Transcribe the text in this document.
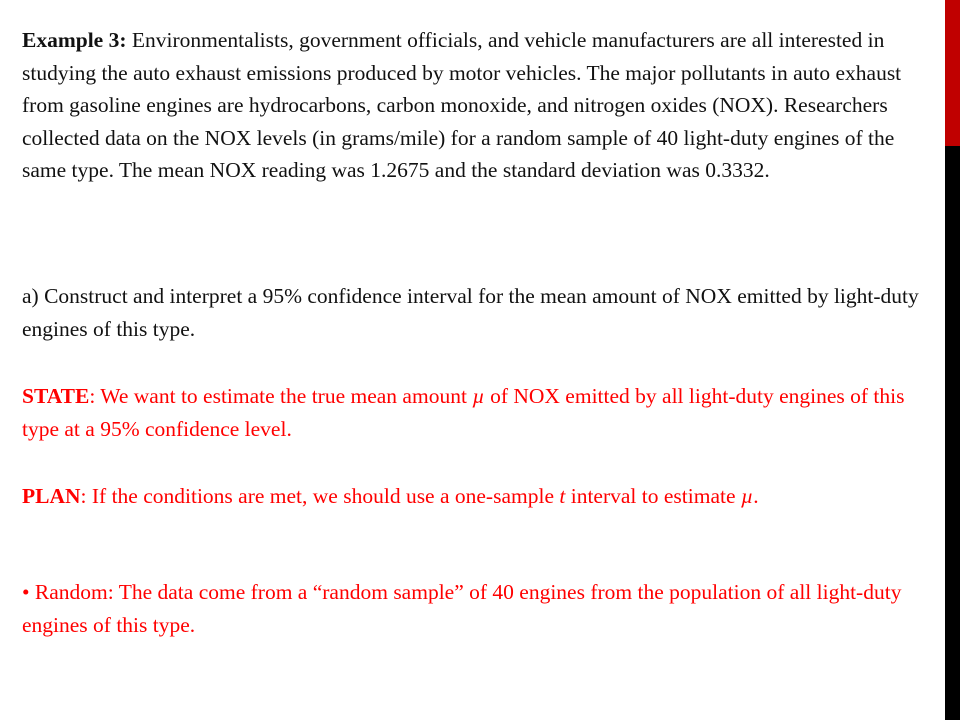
Example 3: Environmentalists, government officials, and vehicle manufacturers are all interested in studying the auto exhaust emissions produced by motor vehicles. The major pollutants in auto exhaust from gasoline engines are hydrocarbons, carbon monoxide, and nitrogen oxides (NOX). Researchers collected data on the NOX levels (in grams/mile) for a random sample of 40 light-duty engines of the same type. The mean NOX reading was 1.2675 and the standard deviation was 0.3332.

a) Construct and interpret a 95% confidence interval for the mean amount of NOX emitted by light-duty engines of this type.

STATE: We want to estimate the true mean amount µ of NOX emitted by all light-duty engines of this type at a 95% confidence level.

PLAN: If the conditions are met, we should use a one-sample t interval to estimate µ.

• Random: The data come from a “random sample” of 40 engines from the population of all light-duty engines of this type.
